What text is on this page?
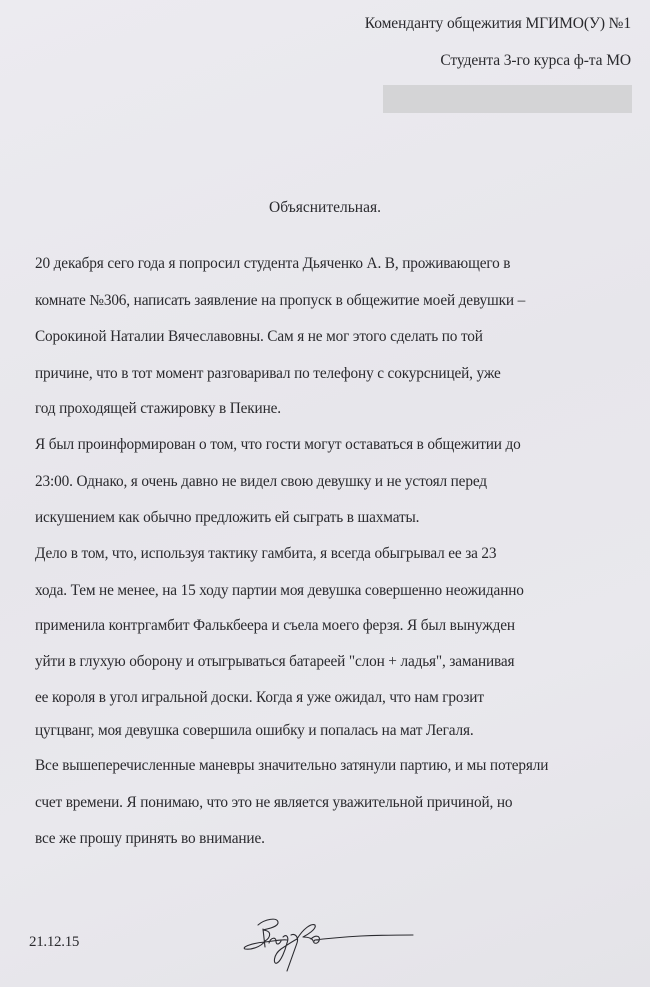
Коменданту общежития МГИМО(У) №1
Студента 3-го курса ф-та МО
Объяснительная.
20 декабря сего года я попросил студента Дьяченко А. В, проживающего в
комнате №306, написать заявление на пропуск в общежитие моей девушки –
Сорокиной Наталии Вячеславовны. Сам я не мог этого сделать по той
причине, что в тот момент разговаривал по телефону с сокурсницей, уже
год проходящей стажировку в Пекине.
Я был проинформирован о том, что гости могут оставаться в общежитии до
23:00. Однако, я очень давно не видел свою девушку и не устоял перед
искушением как обычно предложить ей сыграть в шахматы.
Дело в том, что, используя тактику гамбита, я всегда обыгрывал ее за 23
хода. Тем не менее, на 15 ходу партии моя девушка совершенно неожиданно
применила контргамбит Фалькбеера и съела моего ферзя. Я был вынужден
уйти в глухую оборону и отыгрываться батареей "слон + ладья", заманивая
ее короля в угол игральной доски. Когда я уже ожидал, что нам грозит
цугцванг, моя девушка совершила ошибку и попалась на мат Легаля.
Все вышеперечисленные маневры значительно затянули партию, и мы потеряли
счет времени. Я понимаю, что это не является уважительной причиной, но
все же прошу принять во внимание.
21.12.15
